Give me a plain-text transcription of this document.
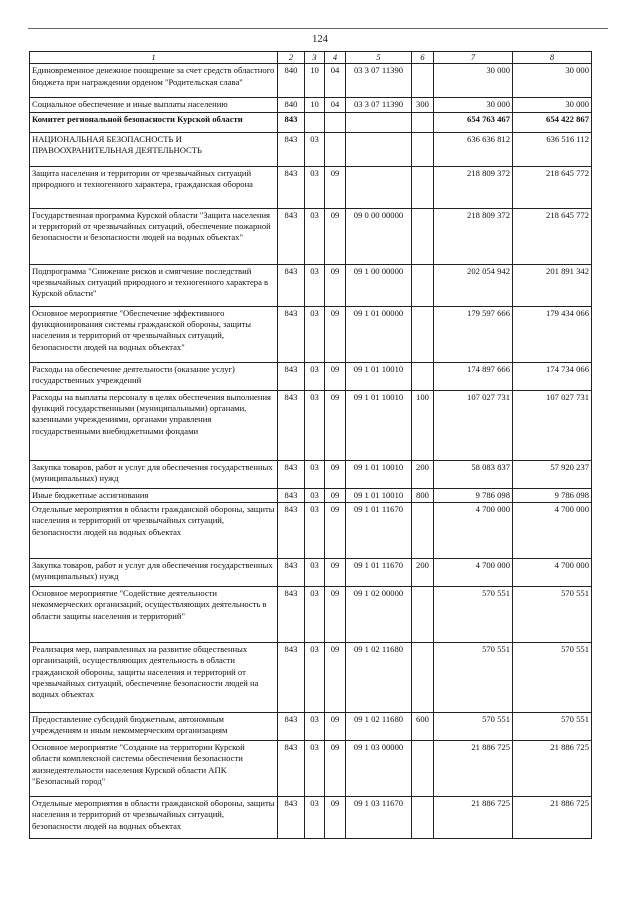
124
1	2	3	4	5	6	7	8
Единовременное денежное поощрение за счет средств областного бюджета при награждении орденом "Родительская слава"	840	10	04	03 3 07 11390		30 000	30 000
Социальное обеспечение и иные выплаты населению	840	10	04	03 3 07 11390	300	30 000	30 000
Комитет региональной безопасности Курской области	843					654 763 467	654 422 867
НАЦИОНАЛЬНАЯ БЕЗОПАСНОСТЬ И ПРАВООХРАНИТЕЛЬНАЯ ДЕЯТЕЛЬНОСТЬ	843	03				636 636 812	636 516 112
Защита населения и территории от чрезвычайных ситуаций природного и техногенного характера, гражданская оборона	843	03	09			218 809 372	218 645 772
Государственная программа Курской области "Защита населения и территорий от чрезвычайных ситуаций, обеспечение пожарной безопасности и безопасности людей на водных объектах"	843	03	09	09 0 00 00000		218 809 372	218 645 772
Подпрограмма "Снижение рисков и смягчение последствий чрезвычайных ситуаций природного и техногенного характера в Курской области"	843	03	09	09 1 00 00000		202 054 942	201 891 342
Основное мероприятие "Обеспечение эффективного функционирования системы гражданской обороны, защиты населения и территорий от чрезвычайных ситуаций, безопасности людей на водных объектах"	843	03	09	09 1 01 00000		179 597 666	179 434 066
Расходы на обеспечение деятельности (оказание услуг) государственных учреждений	843	03	09	09 1 01 10010		174 897 666	174 734 066
Расходы на выплаты персоналу в целях обеспечения выполнения функций государственными (муниципальными) органами, казенными учреждениями, органами управления государственными внебюджетными фондами	843	03	09	09 1 01 10010	100	107 027 731	107 027 731
Закупка товаров, работ и услуг для обеспечения государственных (муниципальных) нужд	843	03	09	09 1 01 10010	200	58 083 837	57 920 237
Иные бюджетные ассигнования	843	03	09	09 1 01 10010	800	9 786 098	9 786 098
Отдельные мероприятия в области гражданской обороны, защиты населения и территорий от чрезвычайных ситуаций, безопасности людей на водных объектах	843	03	09	09 1 01 11670		4 700 000	4 700 000
Закупка товаров, работ и услуг для обеспечения государственных (муниципальных) нужд	843	03	09	09 1 01 11670	200	4 700 000	4 700 000
Основное мероприятие "Содействие деятельности некоммерческих организаций, осуществляющих деятельность в области защиты населения и территорий"	843	03	09	09 1 02 00000		570 551	570 551
Реализация мер, направленных на развитие общественных организаций, осуществляющих деятельность в области гражданской обороны, защиты населения и территорий от чрезвычайных ситуаций, обеспечение безопасности людей на водных объектах	843	03	09	09 1 02 11680		570 551	570 551
Предоставление субсидий бюджетным, автономным учреждениям и иным некоммерческим организациям	843	03	09	09 1 02 11680	600	570 551	570 551
Основное мероприятие "Создание на территории Курской области комплексной системы обеспечения безопасности жизнедеятельности населения Курской области АПК "Безопасный город"	843	03	09	09 1 03 00000		21 886 725	21 886 725
Отдельные мероприятия в области гражданской обороны, защиты населения и территорий от чрезвычайных ситуаций, безопасности людей на водных объектах	843	03	09	09 1 03 11670		21 886 725	21 886 725
